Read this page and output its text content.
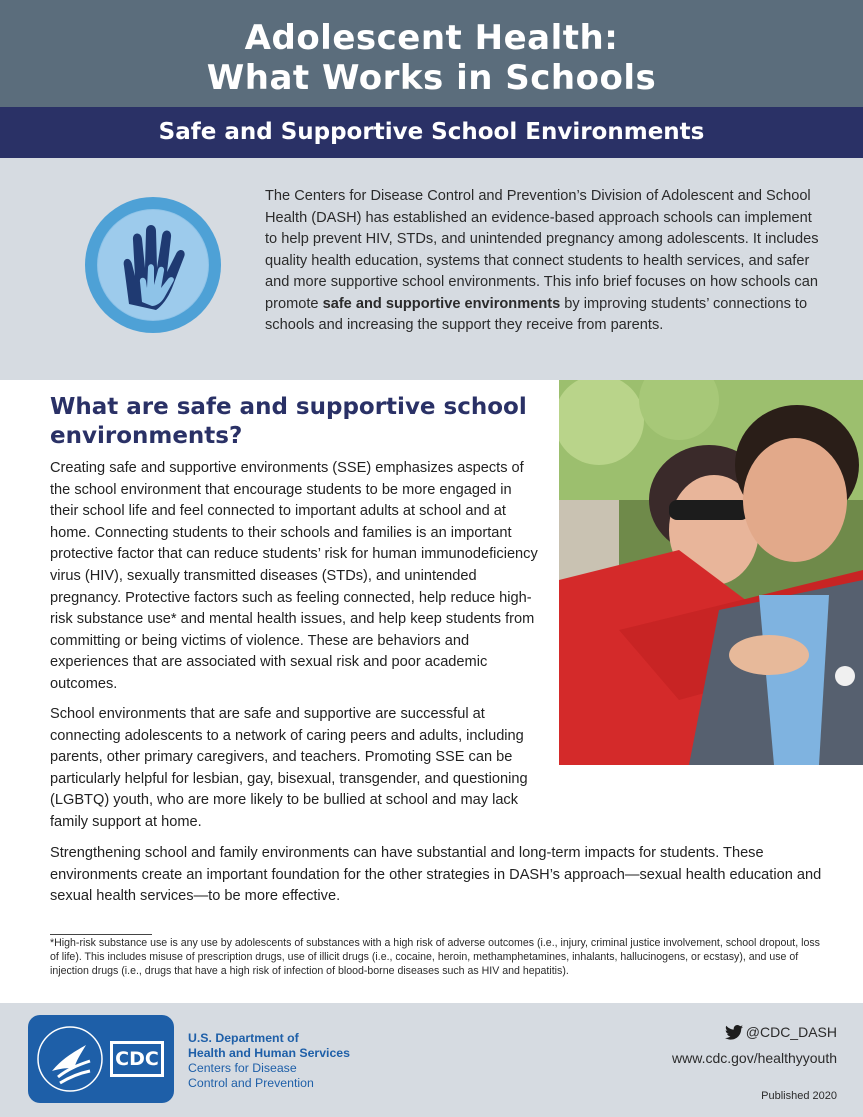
Adolescent Health:
What Works in Schools
Safe and Supportive School Environments

The Centers for Disease Control and Prevention’s Division of Adolescent and School Health (DASH) has established an evidence-based approach schools can implement to help prevent HIV, STDs, and unintended pregnancy among adolescents. It includes quality health education, systems that connect students to health services, and safer and more supportive school environments. This info brief focuses on how schools can promote safe and supportive environments by improving students’ connections to schools and increasing the support they receive from parents.

What are safe and supportive school environments?

Creating safe and supportive environments (SSE) emphasizes aspects of the school environment that encourage students to be more engaged in their school life and feel connected to important adults at school and at home. Connecting students to their schools and families is an important protective factor that can reduce students’ risk for human immunodeficiency virus (HIV), sexually transmitted diseases (STDs), and unintended pregnancy. Protective factors such as feeling connected, help reduce high-risk substance use* and mental health issues, and help keep students from committing or being victims of violence. These are behaviors and experiences that are associated with sexual risk and poor academic outcomes.

School environments that are safe and supportive are successful at connecting adolescents to a network of caring peers and adults, including parents, other primary caregivers, and teachers. Promoting SSE can be particularly helpful for lesbian, gay, bisexual, transgender, and questioning (LGBTQ) youth, who are more likely to be bullied at school and may lack family support at home.

Strengthening school and family environments can have substantial and long-term impacts for students. These environments create an important foundation for the other strategies in DASH’s approach—sexual health education and sexual health services—to be more effective.

*High-risk substance use is any use by adolescents of substances with a high risk of adverse outcomes (i.e., injury, criminal justice involvement, school dropout, loss of life). This includes misuse of prescription drugs, use of illicit drugs (i.e., cocaine, heroin, methamphetamines, inhalants, hallucinogens, or ecstasy), and use of injection drugs (i.e., drugs that have a high risk of infection of blood-borne diseases such as HIV and hepatitis).

CDC
U.S. Department of
Health and Human Services
Centers for Disease
Control and Prevention
@CDC_DASH
www.cdc.gov/healthyyouth
Published 2020
